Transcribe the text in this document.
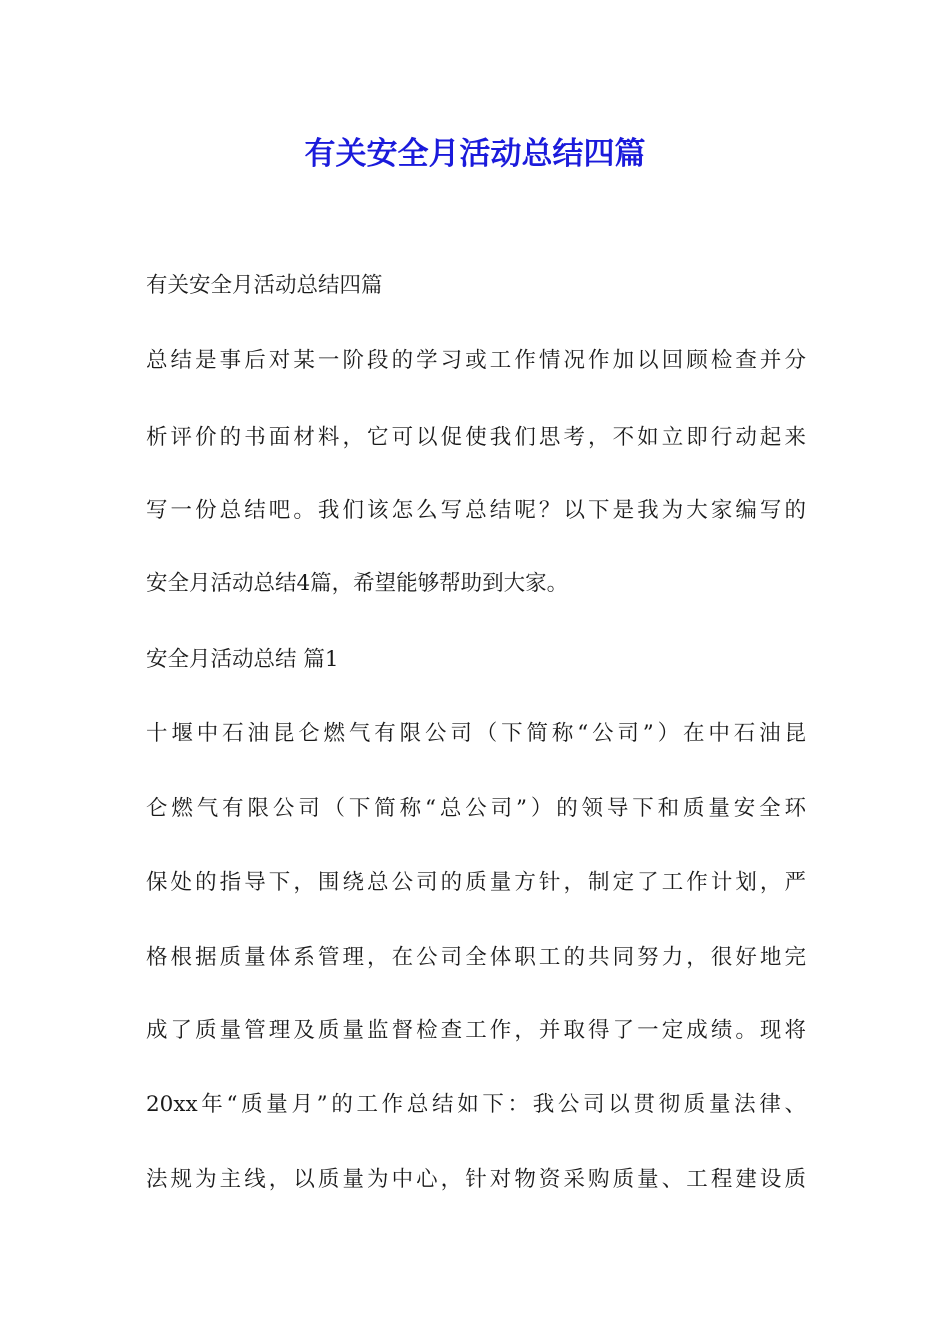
有关安全月活动总结四篇

有关安全月活动总结四篇

总结是事后对某一阶段的学习或工作情况作加以回顾检查并分

析评价的书面材料，它可以促使我们思考，不如立即行动起来

写一份总结吧。我们该怎么写总结呢？以下是我为大家编写的

安全月活动总结4篇，希望能够帮助到大家。

安全月活动总结 篇1

十堰中石油昆仑燃气有限公司（下简称“公司”）在中石油昆

仑燃气有限公司（下简称“总公司”）的领导下和质量安全环

保处的指导下，围绕总公司的质量方针，制定了工作计划，严

格根据质量体系管理，在公司全体职工的共同努力，很好地完

成了质量管理及质量监督检查工作，并取得了一定成绩。现将

20xx年“质量月”的工作总结如下：我公司以贯彻质量法律、

法规为主线，以质量为中心，针对物资采购质量、工程建设质
